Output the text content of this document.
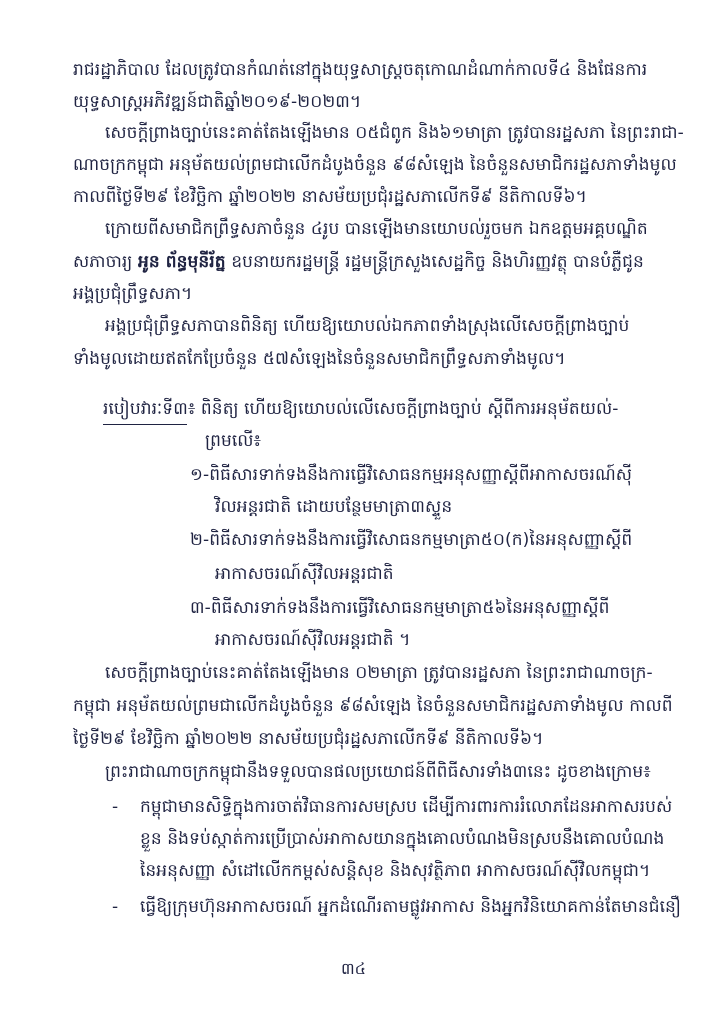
រាជរដ្ឋាភិបាល ដែលត្រូវបានកំណត់នៅក្នុងយុទ្ធសាស្ត្រចតុកោណដំណាក់កាលទី៤ និងផែនការ
យុទ្ធសាស្ត្រអភិវឌ្ឍន៍ជាតិឆ្នាំ២០១៩-២០២៣។
សេចក្ដីព្រាងច្បាប់នេះគាត់តែងឡើងមាន ០៥ជំពូក និង៦១មាត្រា ត្រូវបានរដ្ឋសភា នៃព្រះរាជា-
ណាចក្រកម្ពុជា អនុម័តយល់ព្រមជាលើកដំបូងចំនួន ៩៨សំឡេង នៃចំនួនសមាជិករដ្ឋសភាទាំងមូល
កាលពីថ្ងៃទី២៩ ខែវិច្ឆិកា ឆ្នាំ២០២២ នាសម័យប្រជុំរដ្ឋសភាលើកទី៩ នីតិកាលទី៦។
ក្រោយពីសមាជិកព្រឹទ្ធសភាចំនួន ៤រូប បានឡើងមានយោបល់រួចមក ឯកឧត្តមអគ្គបណ្ឌិត
សភាចារ្យ អូន ព័ន្ធមុនីរ័ត្ន ឧបនាយករដ្ឋមន្ត្រី រដ្ឋមន្ត្រីក្រសួងសេដ្ឋកិច្ច និងហិរញ្ញវត្ថុ បានបំភ្លឺជូន
អង្គប្រជុំព្រឹទ្ធសភា។
អង្គប្រជុំព្រឹទ្ធសភាបានពិនិត្យ ហើយឱ្យយោបល់ឯកភាពទាំងស្រុងលើសេចក្ដីព្រាងច្បាប់
ទាំងមូលដោយឥតកែប្រែចំនួន ៥៧សំឡេងនៃចំនួនសមាជិកព្រឹទ្ធសភាទាំងមូល។
របៀបវារៈទី៣៖ ពិនិត្យ ហើយឱ្យយោបល់លើសេចក្ដីព្រាងច្បាប់ ស្ដីពីការអនុម័តយល់-
ព្រមលើ៖
១-ពិធីសារទាក់ទងនឹងការធ្វើវិសោធនកម្មអនុសញ្ញាស្ដីពីអាកាសចរណ៍ស៊ី
វិលអន្តរជាតិ ដោយបន្ថែមមាត្រា៣ស្ទួន
២-ពិធីសារទាក់ទងនឹងការធ្វើវិសោធនកម្មមាត្រា៥០(ក)នៃអនុសញ្ញាស្ដីពី
អាកាសចរណ៍ស៊ីវិលអន្តរជាតិ
៣-ពិធីសារទាក់ទងនឹងការធ្វើវិសោធនកម្មមាត្រា៥៦នៃអនុសញ្ញាស្ដីពី
អាកាសចរណ៍ស៊ីវិលអន្តរជាតិ ។
សេចក្ដីព្រាងច្បាប់នេះគាត់តែងឡើងមាន ០២មាត្រា ត្រូវបានរដ្ឋសភា នៃព្រះរាជាណាចក្រ-
កម្ពុជា អនុម័តយល់ព្រមជាលើកដំបូងចំនួន ៩៨សំឡេង នៃចំនួនសមាជិករដ្ឋសភាទាំងមូល កាលពី
ថ្ងៃទី២៩ ខែវិច្ឆិកា ឆ្នាំ២០២២ នាសម័យប្រជុំរដ្ឋសភាលើកទី៩ នីតិកាលទី៦។
ព្រះរាជាណាចក្រកម្ពុជានឹងទទួលបានផលប្រយោជន៍ពីពិធីសារទាំង៣នេះ ដូចខាងក្រោម៖
- កម្ពុជាមានសិទ្ធិក្នុងការចាត់វិធានការសមស្រប ដើម្បីការពារការរំលោភដែនអាកាសរបស់
ខ្លួន និងទប់ស្កាត់ការប្រើប្រាស់អាកាសយានក្នុងគោលបំណងមិនស្របនឹងគោលបំណង
នៃអនុសញ្ញា សំដៅលើកកម្ពស់សន្តិសុខ និងសុវត្ថិភាព អាកាសចរណ៍ស៊ីវិលកម្ពុជា។
- ធ្វើឱ្យក្រុមហ៊ុនអាកាសចរណ៍ អ្នកដំណើរតាមផ្លូវអាកាស និងអ្នកវិនិយោគកាន់តែមានជំនឿ
៣៤
